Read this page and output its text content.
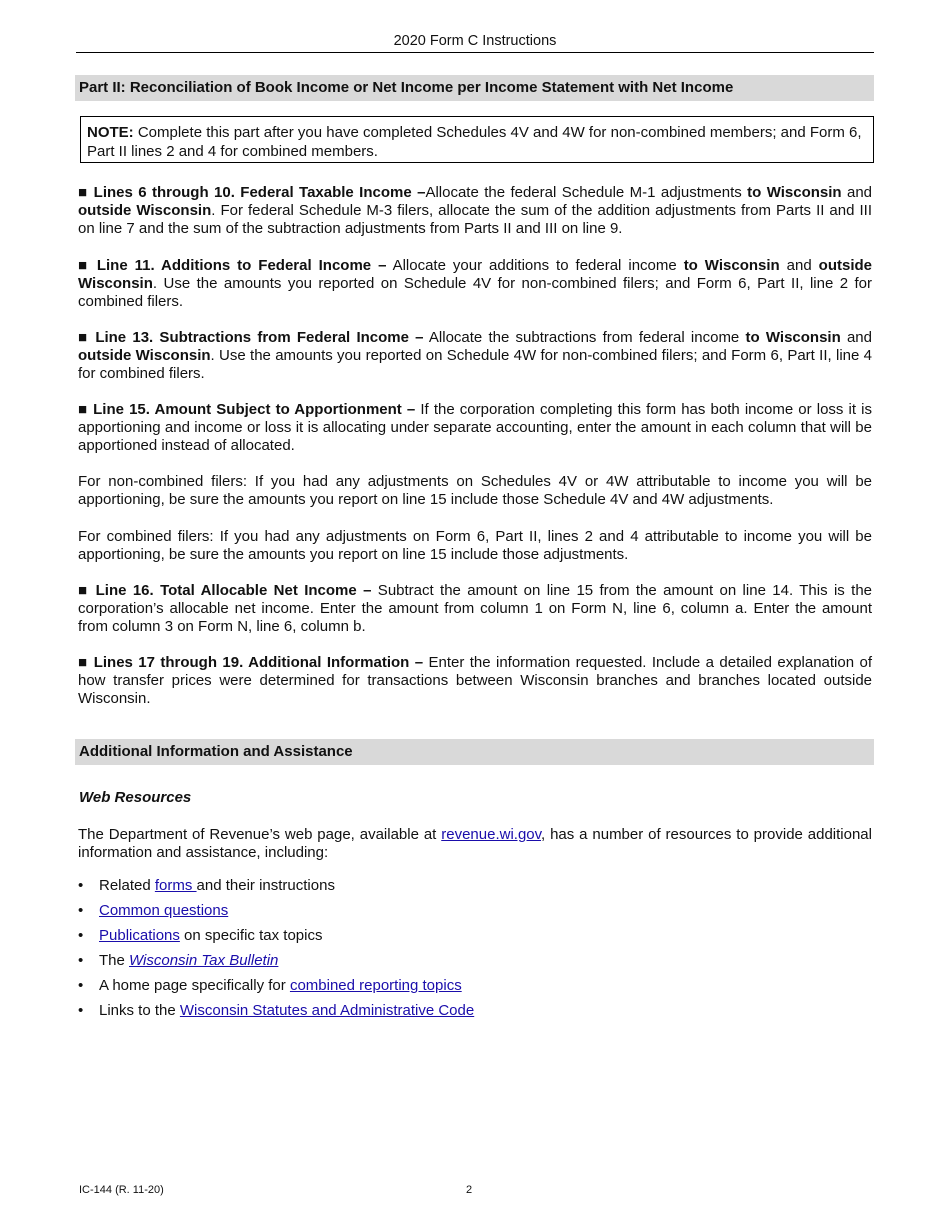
2020 Form C Instructions
Part II: Reconciliation of Book Income or Net Income per Income Statement with Net Income
NOTE: Complete this part after you have completed Schedules 4V and 4W for non-combined members; and Form 6, Part II lines 2 and 4 for combined members.
■ Lines 6 through 10. Federal Taxable Income –Allocate the federal Schedule M-1 adjustments to Wisconsin and outside Wisconsin. For federal Schedule M-3 filers, allocate the sum of the addition adjustments from Parts II and III on line 7 and the sum of the subtraction adjustments from Parts II and III on line 9.
■ Line 11. Additions to Federal Income – Allocate your additions to federal income to Wisconsin and outside Wisconsin. Use the amounts you reported on Schedule 4V for non-combined filers; and Form 6, Part II, line 2 for combined filers.
■ Line 13. Subtractions from Federal Income – Allocate the subtractions from federal income to Wisconsin and outside Wisconsin. Use the amounts you reported on Schedule 4W for non-combined filers; and Form 6, Part II, line 4 for combined filers.
■ Line 15. Amount Subject to Apportionment – If the corporation completing this form has both income or loss it is apportioning and income or loss it is allocating under separate accounting, enter the amount in each column that will be apportioned instead of allocated.
For non-combined filers: If you had any adjustments on Schedules 4V or 4W attributable to income you will be apportioning, be sure the amounts you report on line 15 include those Schedule 4V and 4W adjustments.
For combined filers: If you had any adjustments on Form 6, Part II, lines 2 and 4 attributable to income you will be apportioning, be sure the amounts you report on line 15 include those adjustments.
■ Line 16. Total Allocable Net Income – Subtract the amount on line 15 from the amount on line 14. This is the corporation’s allocable net income. Enter the amount from column 1 on Form N, line 6, column a. Enter the amount from column 3 on Form N, line 6, column b.
■ Lines 17 through 19. Additional Information – Enter the information requested. Include a detailed explanation of how transfer prices were determined for transactions between Wisconsin branches and branches located outside Wisconsin.
Additional Information and Assistance
Web Resources
The Department of Revenue’s web page, available at revenue.wi.gov, has a number of resources to provide additional information and assistance, including:
• Related forms and their instructions
• Common questions
• Publications on specific tax topics
• The Wisconsin Tax Bulletin
• A home page specifically for combined reporting topics
• Links to the Wisconsin Statutes and Administrative Code
IC-144 (R. 11-20)	2
